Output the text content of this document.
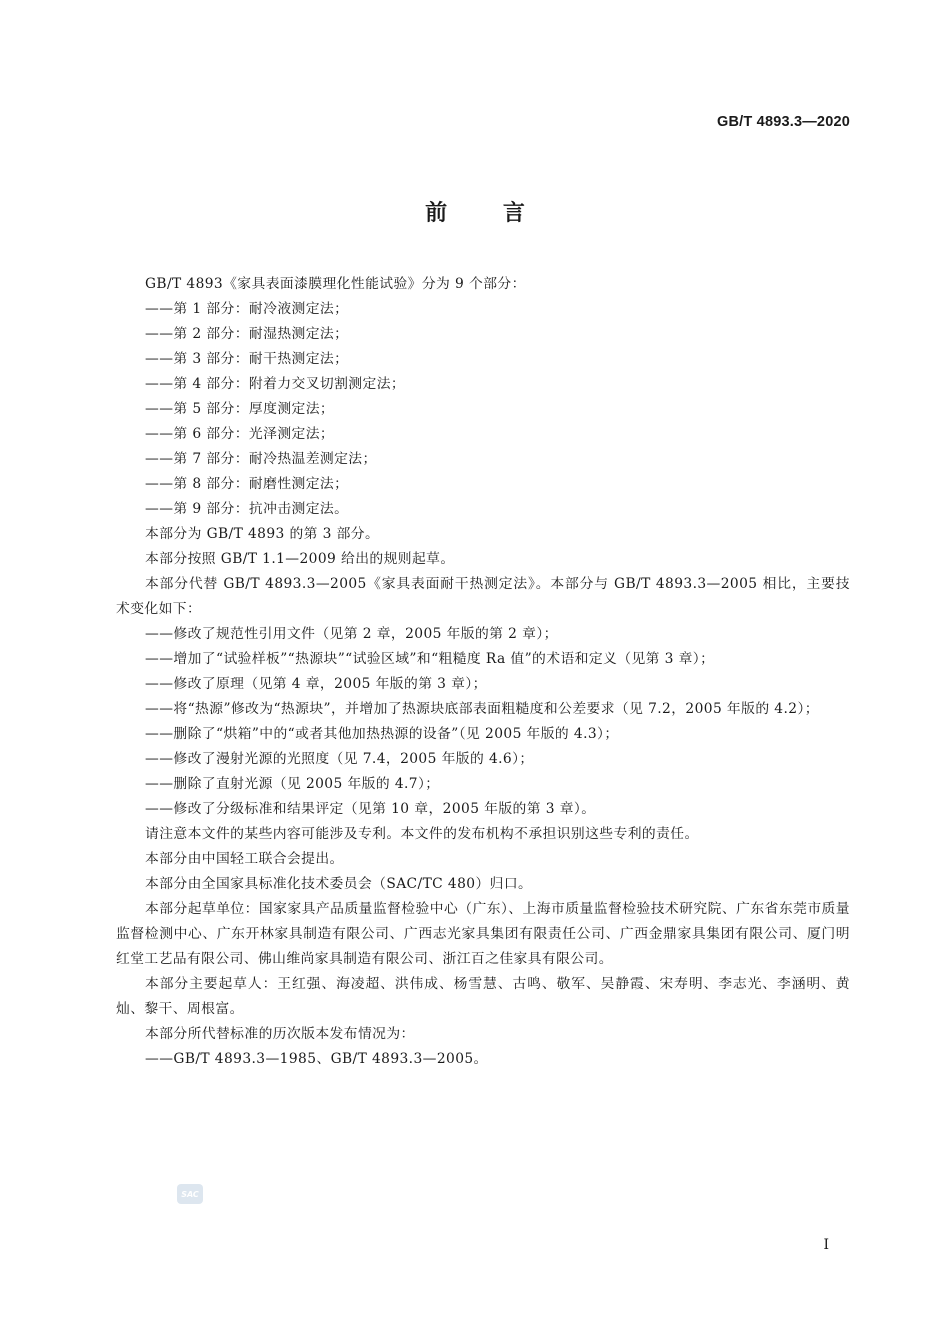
GB/T 4893.3—2020
前 言

GB/T 4893《家具表面漆膜理化性能试验》分为 9 个部分：

——第 1 部分：耐冷液测定法；

——第 2 部分：耐湿热测定法；

——第 3 部分：耐干热测定法；

——第 4 部分：附着力交叉切割测定法；

——第 5 部分：厚度测定法；

——第 6 部分：光泽测定法；

——第 7 部分：耐冷热温差测定法；

——第 8 部分：耐磨性测定法；

——第 9 部分：抗冲击测定法。

本部分为 GB/T 4893 的第 3 部分。

本部分按照 GB/T 1.1—2009 给出的规则起草。

本部分代替 GB/T 4893.3—2005《家具表面耐干热测定法》。本部分与 GB/T 4893.3—2005 相比，主要技术变化如下：

——修改了规范性引用文件（见第 2 章，2005 年版的第 2 章）；

——增加了“试验样板”“热源块”“试验区域”和“粗糙度 Ra 值”的术语和定义（见第 3 章）；

——修改了原理（见第 4 章，2005 年版的第 3 章）；

——将“热源”修改为“热源块”，并增加了热源块底部表面粗糙度和公差要求（见 7.2，2005 年版的 4.2）；

——删除了“烘箱”中的“或者其他加热热源的设备”（见 2005 年版的 4.3）；

——修改了漫射光源的光照度（见 7.4，2005 年版的 4.6）；

——删除了直射光源（见 2005 年版的 4.7）；

——修改了分级标准和结果评定（见第 10 章，2005 年版的第 3 章）。

请注意本文件的某些内容可能涉及专利。本文件的发布机构不承担识别这些专利的责任。

本部分由中国轻工联合会提出。

本部分由全国家具标准化技术委员会（SAC/TC 480）归口。

本部分起草单位：国家家具产品质量监督检验中心（广东）、上海市质量监督检验技术研究院、广东省东莞市质量监督检测中心、广东开林家具制造有限公司、广西志光家具集团有限责任公司、广西金鼎家具集团有限公司、厦门明红堂工艺品有限公司、佛山维尚家具制造有限公司、浙江百之佳家具有限公司。

本部分主要起草人：王红强、海凌超、洪伟成、杨雪慧、古鸣、敬军、吴静霞、宋寿明、李志光、李涵明、黄灿、黎干、周根富。

本部分所代替标准的历次版本发布情况为：

——GB/T 4893.3—1985、GB/T 4893.3—2005。

SAC
I
